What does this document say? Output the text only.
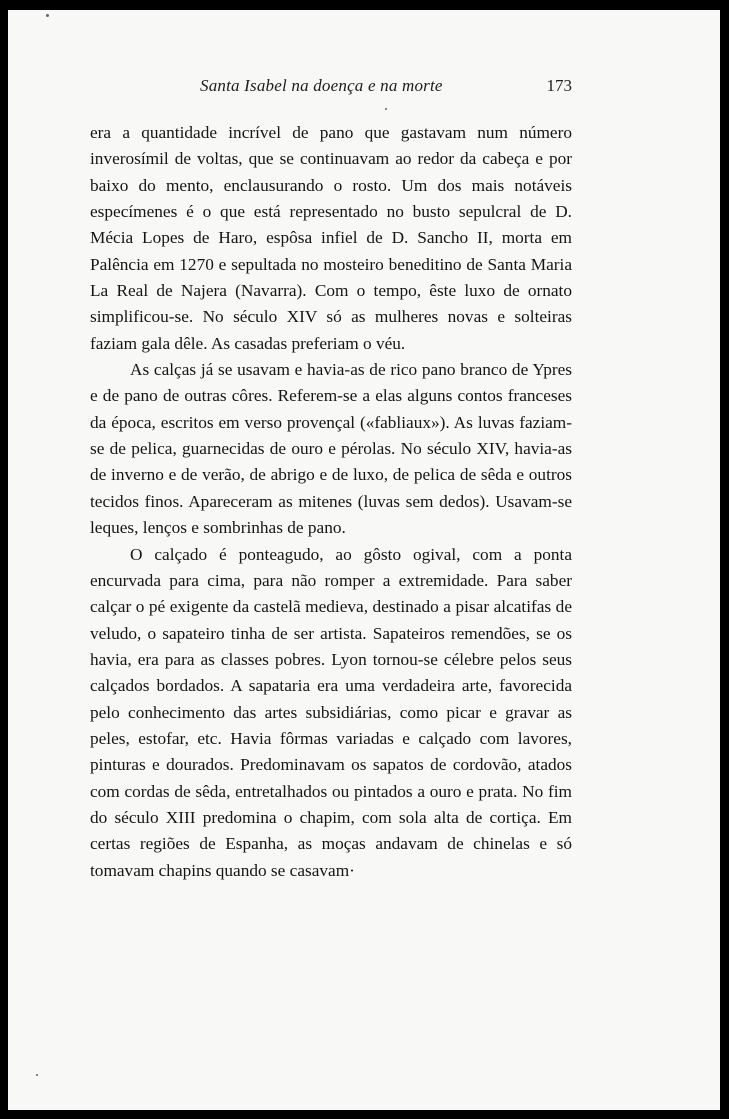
Santa Isabel na doença e na morte	173

era a quantidade incrível de pano que gastavam num número inverosímil de voltas, que se continuavam ao redor da cabeça e por baixo do mento, enclausurando o rosto. Um dos mais notáveis especímenes é o que está representado no busto sepulcral de D. Mécia Lopes de Haro, espôsa infiel de D. Sancho II, morta em Palência em 1270 e sepultada no mosteiro beneditino de Santa Maria La Real de Najera (Navarra). Com o tempo, êste luxo de ornato simplificou-se. No século XIV só as mulheres novas e solteiras faziam gala dêle. As casadas preferiam o véu.

As calças já se usavam e havia-as de rico pano branco de Ypres e de pano de outras côres. Referem-se a elas alguns contos franceses da época, escritos em verso provençal («fabliaux»). As luvas faziam-se de pelica, guarnecidas de ouro e pérolas. No século XIV, havia-as de inverno e de verão, de abrigo e de luxo, de pelica de sêda e outros tecidos finos. Apareceram as mitenes (luvas sem dedos). Usavam-se leques, lenços e sombrinhas de pano.

O calçado é ponteagudo, ao gôsto ogival, com a ponta encurvada para cima, para não romper a extremidade. Para saber calçar o pé exigente da castelã medieva, destinado a pisar alcatifas de veludo, o sapateiro tinha de ser artista. Sapateiros remendões, se os havia, era para as classes pobres. Lyon tornou-se célebre pelos seus calçados bordados. A sapataria era uma verdadeira arte, favorecida pelo conhecimento das artes subsidiárias, como picar e gravar as peles, estofar, etc. Havia fôrmas variadas e calçado com lavores, pinturas e dourados. Predominavam os sapatos de cordovão, atados com cordas de sêda, entretalhados ou pintados a ouro e prata. No fim do século XIII predomina o chapim, com sola alta de cortiça. Em certas regiões de Espanha, as moças andavam de chinelas e só tomavam chapins quando se casavam·
